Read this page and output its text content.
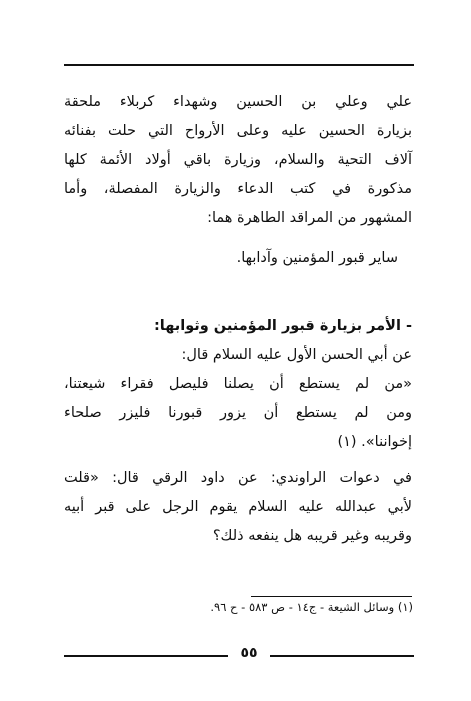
علي وعلي بن الحسين وشهداء كربلاء ملحقة
بزيارة الحسين عليه وعلى الأرواح التي حلت بفنائه
آلاف التحية والسلام، وزيارة باقي أولاد الأئمة كلها
مذكورة في كتب الدعاء والزيارة المفصلة، وأما
المشهور من المراقد الطاهرة هما:
ساير قبور المؤمنين وآدابها.
- الأمر بزيارة قبور المؤمنين وثوابها:
عن أبي الحسن الأول عليه السلام قال:
«من لم يستطع أن يصلنا فليصل فقراء شيعتنا،
ومن لم يستطع أن يزور قبورنا فليزر صلحاء
إخواننا». (١)
في دعوات الراوندي: عن داود الرقي قال: «قلت
لأبي عبدالله عليه السلام يقوم الرجل على قبر أبيه
وقريبه وغير قريبه هل ينفعه ذلك؟
(١) وسائل الشيعة - ج١٤ - ص ٥٨٣ - ح ٩٦.
٥٥
